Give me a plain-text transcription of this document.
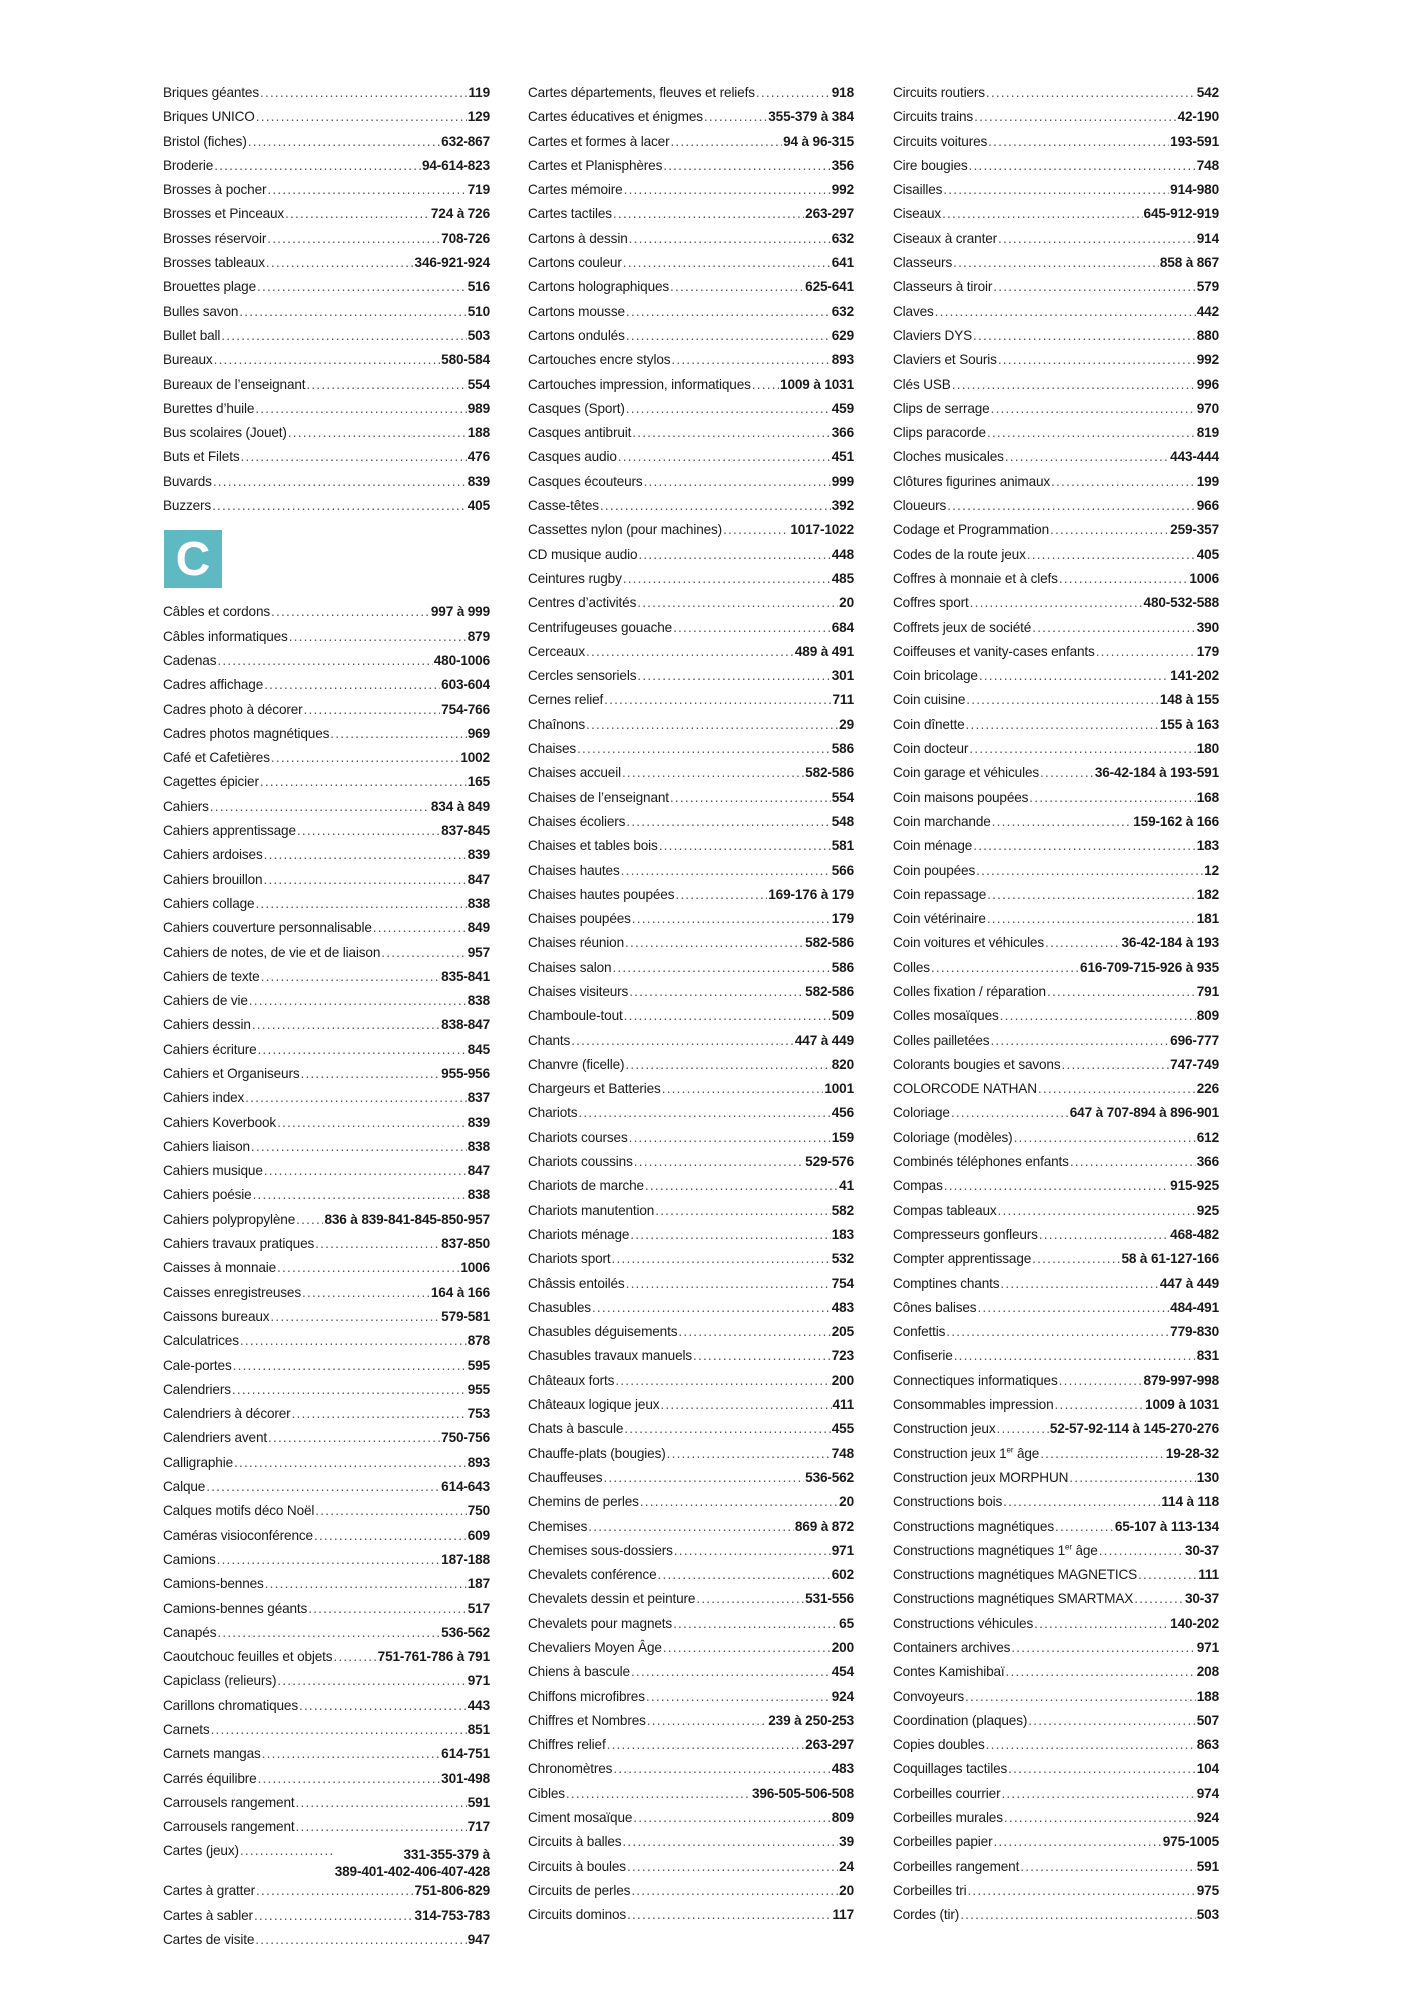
Briques géantes .....	119
Briques UNICO .....	129
Bristol (fiches) .....	632-867
Broderie .....	94-614-823
Brosses à pocher .....	719
Brosses et Pinceaux .....	724 à 726
Brosses réservoir .....	708-726
Brosses tableaux .....	346-921-924
Brouettes plage .....	516
Bulles savon .....	510
Bullet ball .....	503
Bureaux .....	580-584
Bureaux de l’enseignant .....	554
Burettes d’huile .....	989
Bus scolaires (Jouet) .....	188
Buts et Filets .....	476
Buvards .....	839
Buzzers .....	405
C
Câbles et cordons .....	997 à 999
Câbles informatiques .....	879
Cadenas .....	480-1006
Cadres affichage .....	603-604
Cadres photo à décorer .....	754-766
Cadres photos magnétiques .....	969
Café et Cafetières .....	1002
Cagettes épicier .....	165
Cahiers .....	834 à 849
Cahiers apprentissage .....	837-845
Cahiers ardoises .....	839
Cahiers brouillon .....	847
Cahiers collage .....	838
Cahiers couverture personnalisable .....	849
Cahiers de notes, de vie et de liaison .....	957
Cahiers de texte .....	835-841
Cahiers de vie .....	838
Cahiers dessin .....	838-847
Cahiers écriture .....	845
Cahiers et Organiseurs .....	955-956
Cahiers index .....	837
Cahiers Koverbook .....	839
Cahiers liaison .....	838
Cahiers musique .....	847
Cahiers poésie .....	838
Cahiers polypropylène ..... 836 à 839-841-845-850-957
Cahiers travaux pratiques .....	837-850
Caisses à monnaie .....	1006
Caisses enregistreuses .....	164 à 166
Caissons bureaux .....	579-581
Calculatrices .....	878
Cale-portes .....	595
Calendriers .....	955
Calendriers à décorer .....	753
Calendriers avent .....	750-756
Calligraphie .....	893
Calque .....	614-643
Calques motifs déco Noël .....	750
Caméras visioconférence .....	609
Camions .....	187-188
Camions-bennes .....	187
Camions-bennes géants .....	517
Canapés .....	536-562
Caoutchouc feuilles et objets .....	751-761-786 à 791
Capiclass (relieurs) .....	971
Carillons chromatiques .....	443
Carnets .....	851
Carnets mangas .....	614-751
Carrés équilibre .....	301-498
Carrousels rangement .....	591
Carrousels rangement .....	717
Cartes (jeux) .....	331-355-379 à
389-401-402-406-407-428
Cartes à gratter .....	751-806-829
Cartes à sabler .....	314-753-783
Cartes de visite .....	947
Cartes départements, fleuves et reliefs .....	918
Cartes éducatives et énigmes .....	355-379 à 384
Cartes et formes à lacer .....	94 à 96-315
Cartes et Planisphères .....	356
Cartes mémoire .....	992
Cartes tactiles .....	263-297
Cartons à dessin .....	632
Cartons couleur .....	641
Cartons holographiques .....	625-641
Cartons mousse .....	632
Cartons ondulés .....	629
Cartouches encre stylos .....	893
Cartouches impression, informatiques ..... 1009 à 1031
Casques (Sport) .....	459
Casques antibruit .....	366
Casques audio .....	451
Casques écouteurs .....	999
Casse-têtes .....	392
Cassettes nylon (pour machines) .....	1017-1022
CD musique audio .....	448
Ceintures rugby .....	485
Centres d’activités .....	20
Centrifugeuses gouache .....	684
Cerceaux .....	489 à 491
Cercles sensoriels .....	301
Cernes relief .....	711
Chaînons .....	29
Chaises .....	586
Chaises accueil .....	582-586
Chaises de l’enseignant .....	554
Chaises écoliers .....	548
Chaises et tables bois .....	581
Chaises hautes .....	566
Chaises hautes poupées .....	169-176 à 179
Chaises poupées .....	179
Chaises réunion .....	582-586
Chaises salon .....	586
Chaises visiteurs .....	582-586
Chamboule-tout .....	509
Chants .....	447 à 449
Chanvre (ficelle) .....	820
Chargeurs et Batteries .....	1001
Chariots .....	456
Chariots courses .....	159
Chariots coussins .....	529-576
Chariots de marche .....	41
Chariots manutention .....	582
Chariots ménage .....	183
Chariots sport .....	532
Châssis entoilés .....	754
Chasubles .....	483
Chasubles déguisements .....	205
Chasubles travaux manuels .....	723
Châteaux forts .....	200
Châteaux logique jeux .....	411
Chats à bascule .....	455
Chauffe-plats (bougies) .....	748
Chauffeuses .....	536-562
Chemins de perles .....	20
Chemises .....	869 à 872
Chemises sous-dossiers .....	971
Chevalets conférence .....	602
Chevalets dessin et peinture .....	531-556
Chevalets pour magnets .....	65
Chevaliers Moyen Âge .....	200
Chiens à bascule .....	454
Chiffons microfibres .....	924
Chiffres et Nombres .....	239 à 250-253
Chiffres relief .....	263-297
Chronomètres .....	483
Cibles .....	396-505-506-508
Ciment mosaïque .....	809
Circuits à balles .....	39
Circuits à boules .....	24
Circuits de perles .....	20
Circuits dominos .....	117
Circuits routiers .....	542
Circuits trains .....	42-190
Circuits voitures .....	193-591
Cire bougies .....	748
Cisailles .....	914-980
Ciseaux .....	645-912-919
Ciseaux à cranter .....	914
Classeurs .....	858 à 867
Classeurs à tiroir .....	579
Claves .....	442
Claviers DYS .....	880
Claviers et Souris .....	992
Clés USB .....	996
Clips de serrage .....	970
Clips paracorde .....	819
Cloches musicales .....	443-444
Clôtures figurines animaux .....	199
Cloueurs .....	966
Codage et Programmation .....	259-357
Codes de la route jeux .....	405
Coffres à monnaie et à clefs .....	1006
Coffres sport .....	480-532-588
Coffrets jeux de société .....	390
Coiffeuses et vanity-cases enfants .....	179
Coin bricolage .....	141-202
Coin cuisine .....	148 à 155
Coin dînette .....	155 à 163
Coin docteur .....	180
Coin garage et véhicules .....	36-42-184 à 193-591
Coin maisons poupées .....	168
Coin marchande .....	159-162 à 166
Coin ménage .....	183
Coin poupées .....	12
Coin repassage .....	182
Coin vétérinaire .....	181
Coin voitures et véhicules .....	36-42-184 à 193
Colles .....	616-709-715-926 à 935
Colles fixation / réparation .....	791
Colles mosaïques .....	809
Colles pailletées .....	696-777
Colorants bougies et savons .....	747-749
COLORCODE NATHAN .....	226
Coloriage .....	647 à 707-894 à 896-901
Coloriage (modèles) .....	612
Combinés téléphones enfants .....	366
Compas .....	915-925
Compas tableaux .....	925
Compresseurs gonfleurs .....	468-482
Compter apprentissage .....	58 à 61-127-166
Comptines chants .....	447 à 449
Cônes balises .....	484-491
Confettis .....	779-830
Confiserie .....	831
Connectiques informatiques .....	879-997-998
Consommables impression .....	1009 à 1031
Construction jeux .....	52-57-92-114 à 145-270-276
Construction jeux 1er âge .....	19-28-32
Construction jeux MORPHUN .....	130
Constructions bois .....	114 à 118
Constructions magnétiques .....	65-107 à 113-134
Constructions magnétiques 1er âge .....	30-37
Constructions magnétiques MAGNETICS .....	111
Constructions magnétiques SMARTMAX .....	30-37
Constructions véhicules .....	140-202
Containers archives .....	971
Contes Kamishibaï .....	208
Convoyeurs .....	188
Coordination (plaques) .....	507
Copies doubles .....	863
Coquillages tactiles .....	104
Corbeilles courrier .....	974
Corbeilles murales .....	924
Corbeilles papier .....	975-1005
Corbeilles rangement .....	591
Corbeilles tri .....	975
Cordes (tir) .....	503
